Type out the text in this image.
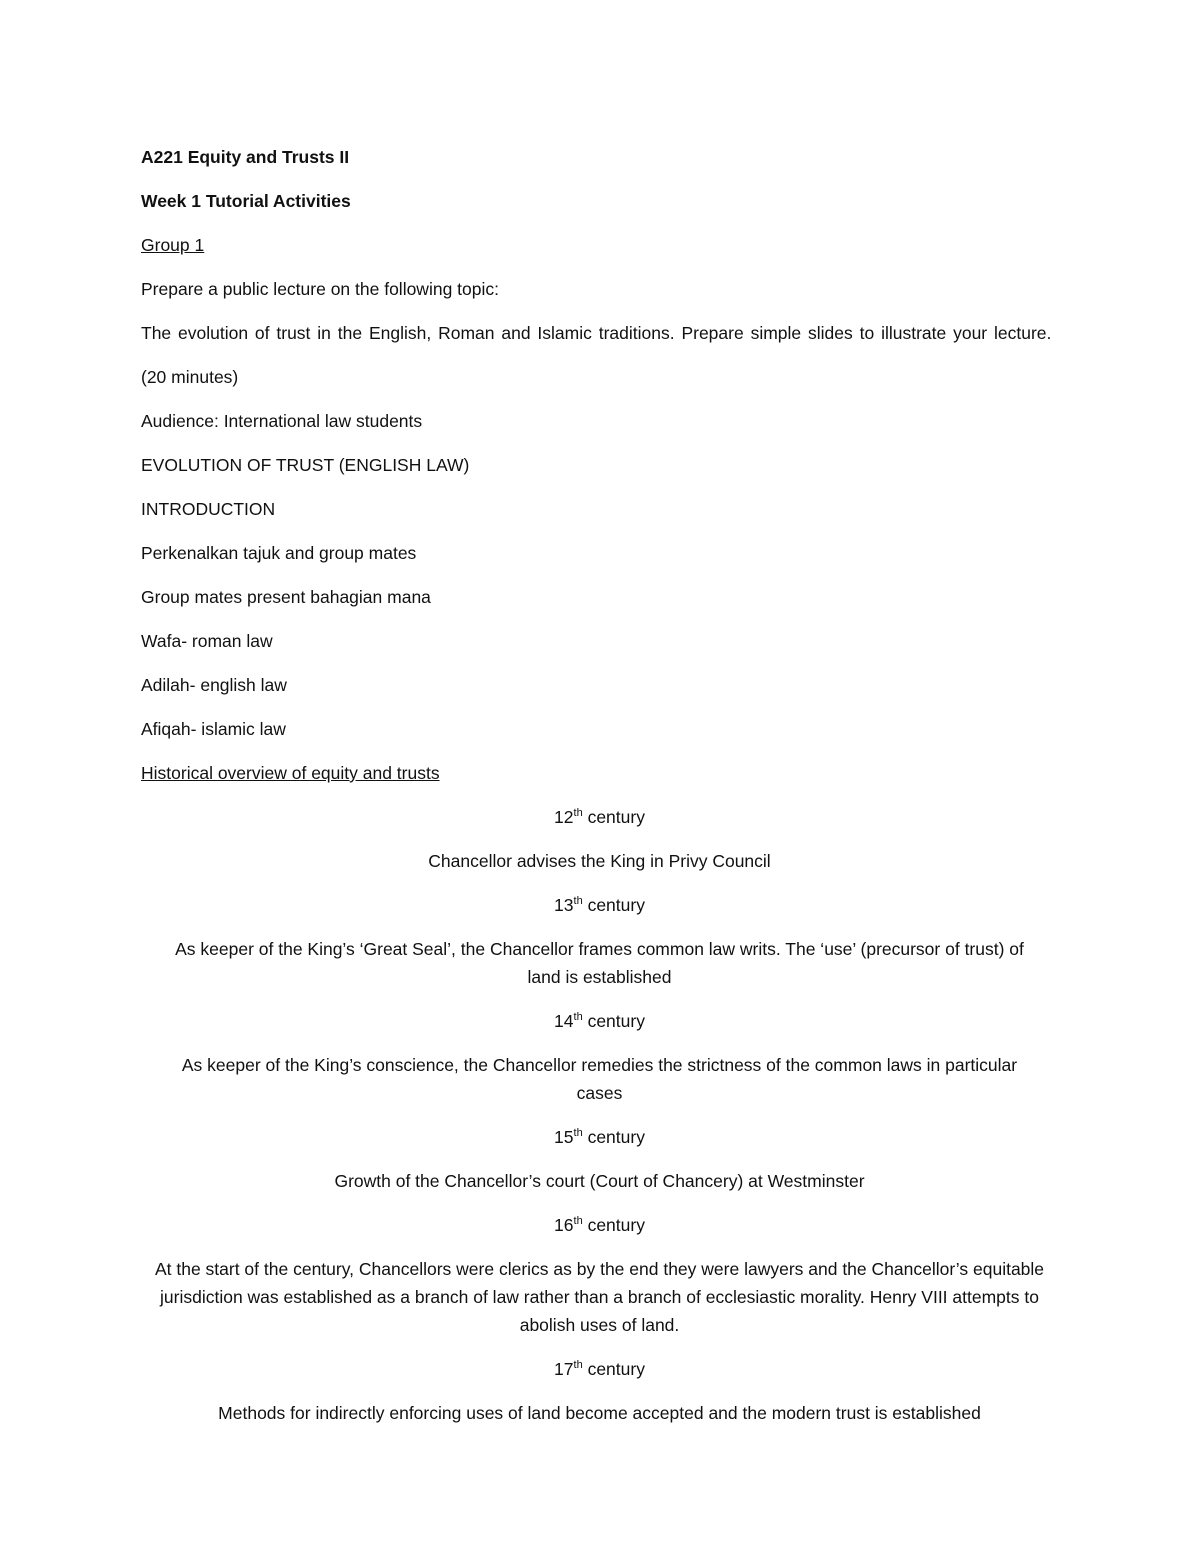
A221 Equity and Trusts II

Week 1 Tutorial Activities

Group 1

Prepare a public lecture on the following topic:

The evolution of trust in the English, Roman and Islamic traditions. Prepare simple slides to illustrate your lecture.

(20 minutes)

Audience: International law students

EVOLUTION OF TRUST (ENGLISH LAW)

INTRODUCTION

Perkenalkan tajuk and group mates

Group mates present bahagian mana

Wafa- roman law

Adilah- english law

Afiqah- islamic law

Historical overview of equity and trusts

12th century

Chancellor advises the King in Privy Council

13th century

As keeper of the King’s ‘Great Seal’, the Chancellor frames common law writs. The ‘use’ (precursor of trust) of land is established

14th century

As keeper of the King’s conscience, the Chancellor remedies the strictness of the common laws in particular cases

15th century

Growth of the Chancellor’s court (Court of Chancery) at Westminster

16th century

At the start of the century, Chancellors were clerics as by the end they were lawyers and the Chancellor’s equitable jurisdiction was established as a branch of law rather than a branch of ecclesiastic morality. Henry VIII attempts to abolish uses of land.

17th century

Methods for indirectly enforcing uses of land become accepted and the modern trust is established
